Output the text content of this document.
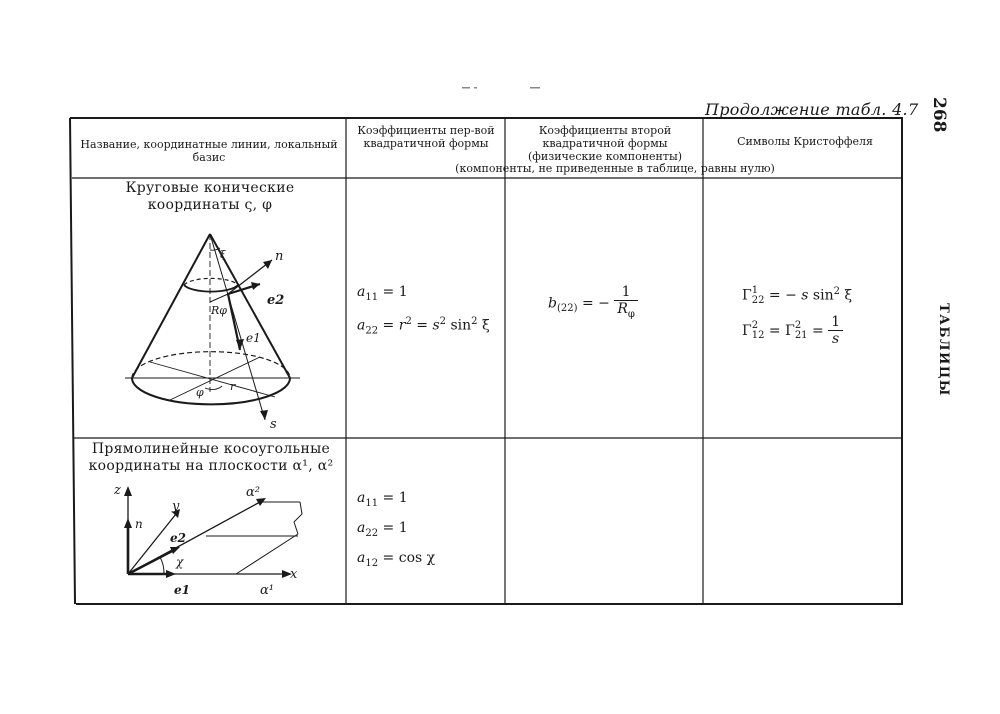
Продолжение табл. 4.7 268
ТАБЛИЦЫ
Название, координатные линии, локальный базис
Коэффициенты пер-вой квадратичной формы
Коэффициенты второй квадратичной формы (физические компоненты)
Символы Кристоффеля
(компоненты, не приведенные в таблице, равны нулю)
Круговые конические
координаты ς, φ
n
e2
Rφ
e1
s
ξ
φ r
$a_{11} = 1$
$a_{22} = r^2 = s^2$ $\sin^2 \xi$
$b_{(22)}$ = − $\frac{1}{R_\varphi}$	Γ 1
22 = − s $\sin^2 \xi$
Γ 2
12 = Γ 2
$21 = \frac{1}{s}$
Прямолинейные косоугольные
координаты на плоскости α¹, α²
z
n
y
α²
e2
χ
x
e1	α¹
$a_{11} = 1$
$a_{22} = 1$
$a_{12} = \cos \chi$
